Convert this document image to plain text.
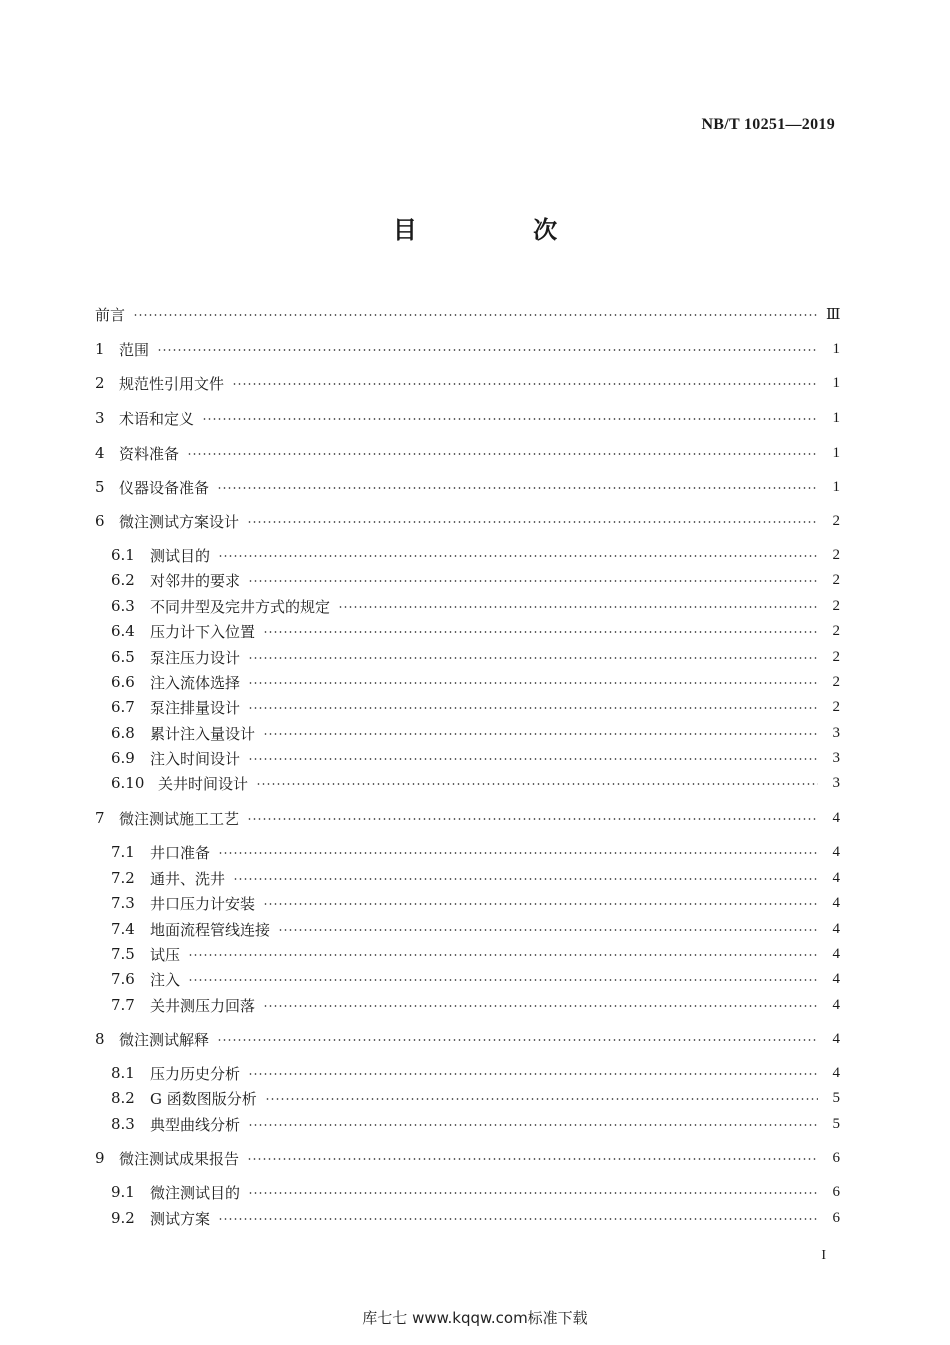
NB/T 10251—2019
目 次
前言	Ⅲ
1 范围	1
2 规范性引用文件	1
3 术语和定义	1
4 资料准备	1
5 仪器设备准备	1
6 微注测试方案设计	2
6.1	测试目的	2
6.2	对邻井的要求	2
6.3	不同井型及完井方式的规定	2
6.4	压力计下入位置	2
6.5	泵注压力设计	2
6.6	注入流体选择	2
6.7	泵注排量设计	2
6.8	累计注入量设计	3
6.9	注入时间设计	3
6.10 关井时间设计	3
7 微注测试施工工艺	4
7.1	井口准备	4
7.2	通井、洗井	4
7.3	井口压力计安装	4
7.4	地面流程管线连接	4
7.5	试压	4
7.6	注入	4
7.7	关井测压力回落	4
8 微注测试解释	4
8.1	压力历史分析	4
8.2	G 函数图版分析	5
8.3	典型曲线分析	5
9 微注测试成果报告	6
9.1	微注测试目的	6
9.2	测试方案	6
I
库七七 www.kqqw.com标准下载
